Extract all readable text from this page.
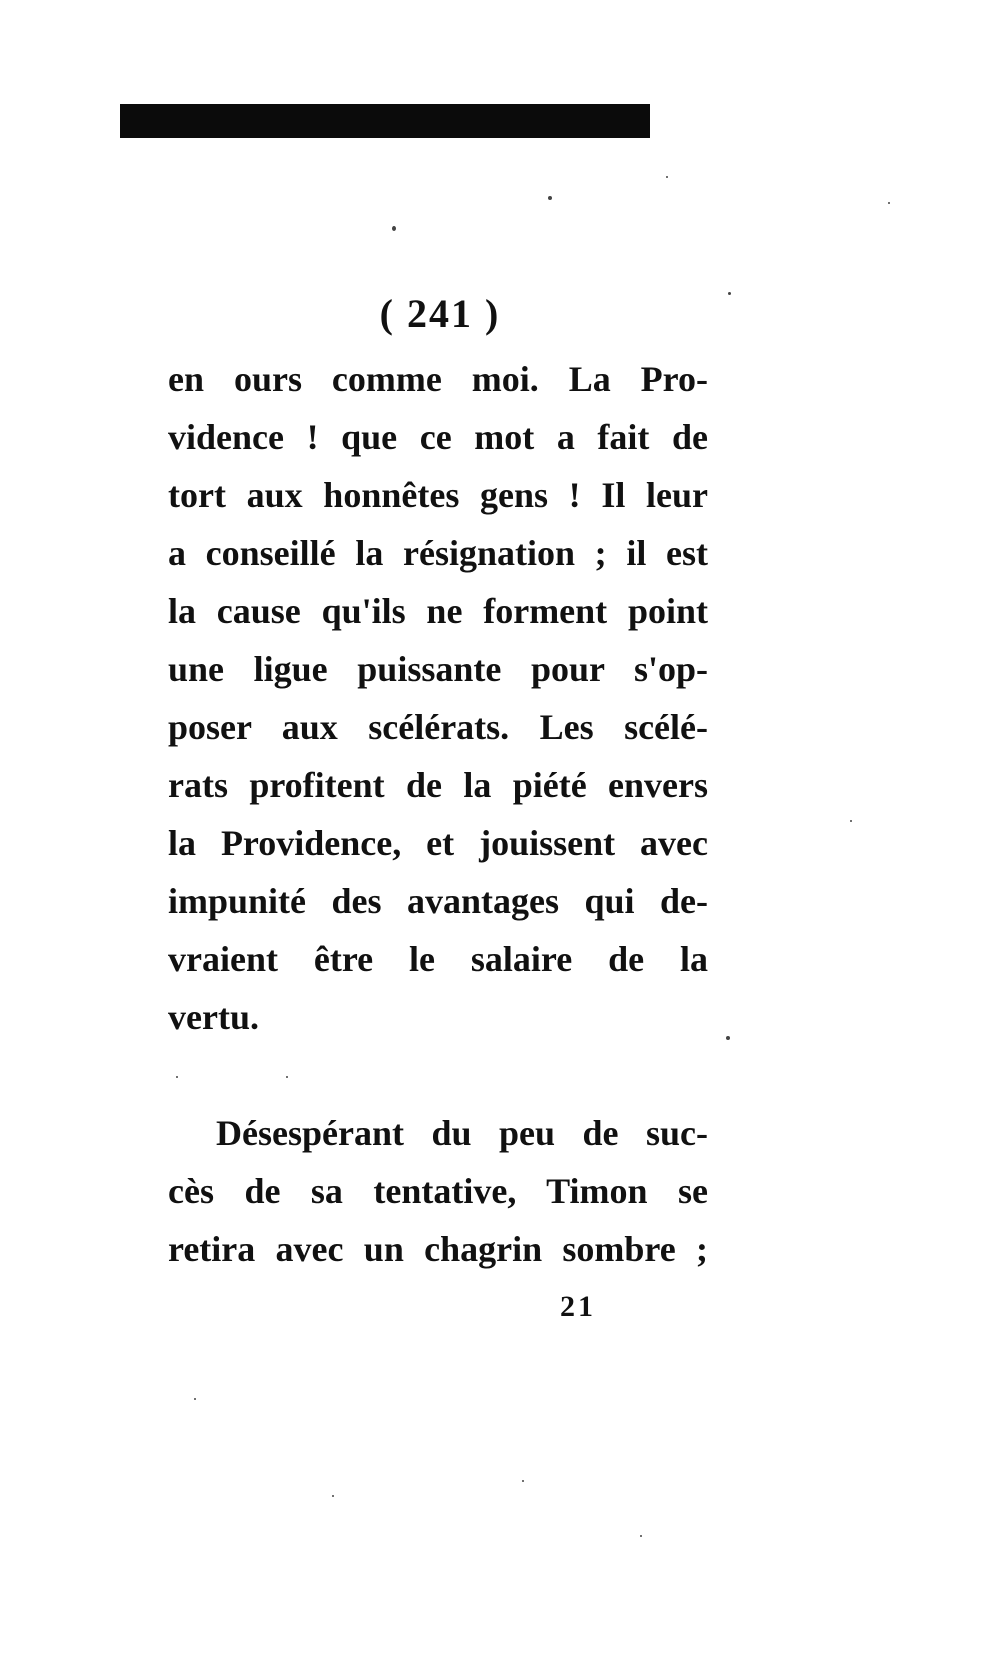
( 241 )
en ours comme moi. La Pro-
vidence ! que ce mot a fait de
tort aux honnêtes gens ! Il leur
a conseillé la résignation ; il est
la cause qu'ils ne forment point
une ligue puissante pour s'op-
poser aux scélérats. Les scélé-
rats profitent de la piété envers
la Providence, et jouissent avec
impunité des avantages qui de-
vraient être le salaire de la
vertu.
Désespérant du peu de suc-
cès de sa tentative, Timon se
retira avec un chagrin sombre ;
21
